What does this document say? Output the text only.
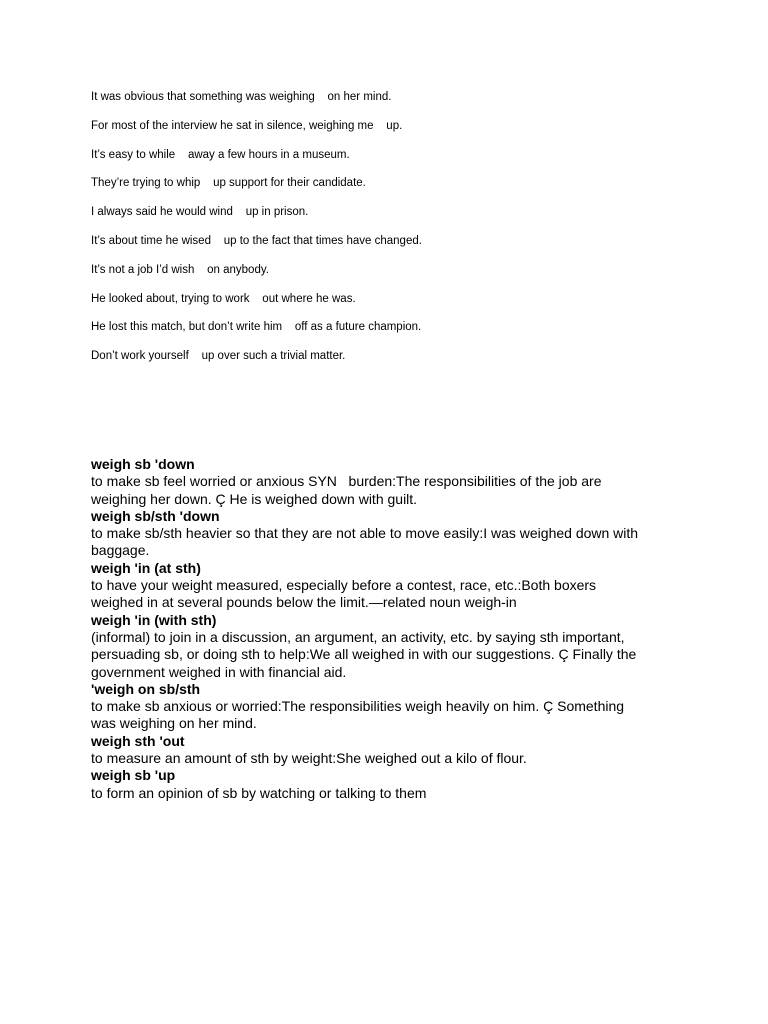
It was obvious that something was weighing    on her mind.
For most of the interview he sat in silence, weighing me    up.
It’s easy to while    away a few hours in a museum.
They’re trying to whip    up support for their candidate.
I always said he would wind    up in prison.
It’s about time he wised    up to the fact that times have changed.
It’s not a job I’d wish    on anybody.
He looked about, trying to work    out where he was.
He lost this match, but don’t write him    off as a future champion.
Don’t work yourself    up over such a trivial matter.
weigh sb 'down
to make sb feel worried or anxious SYN   burden:The responsibilities of the job are
weighing her down. Ç He is weighed down with guilt.
weigh sb/sth 'down
to make sb/sth heavier so that they are not able to move easily:I was weighed down with
baggage.
weigh 'in (at sth)
to have your weight measured, especially before a contest, race, etc.:Both boxers
weighed in at several pounds below the limit.—related noun weigh-in
weigh 'in (with sth)
(informal) to join in a discussion, an argument, an activity, etc. by saying sth important,
persuading sb, or doing sth to help:We all weighed in with our suggestions. Ç Finally the
government weighed in with financial aid.
'weigh on sb/sth
to make sb anxious or worried:The responsibilities weigh heavily on him. Ç Something
was weighing on her mind.
weigh sth 'out
to measure an amount of sth by weight:She weighed out a kilo of flour.
weigh sb 'up
to form an opinion of sb by watching or talking to them
